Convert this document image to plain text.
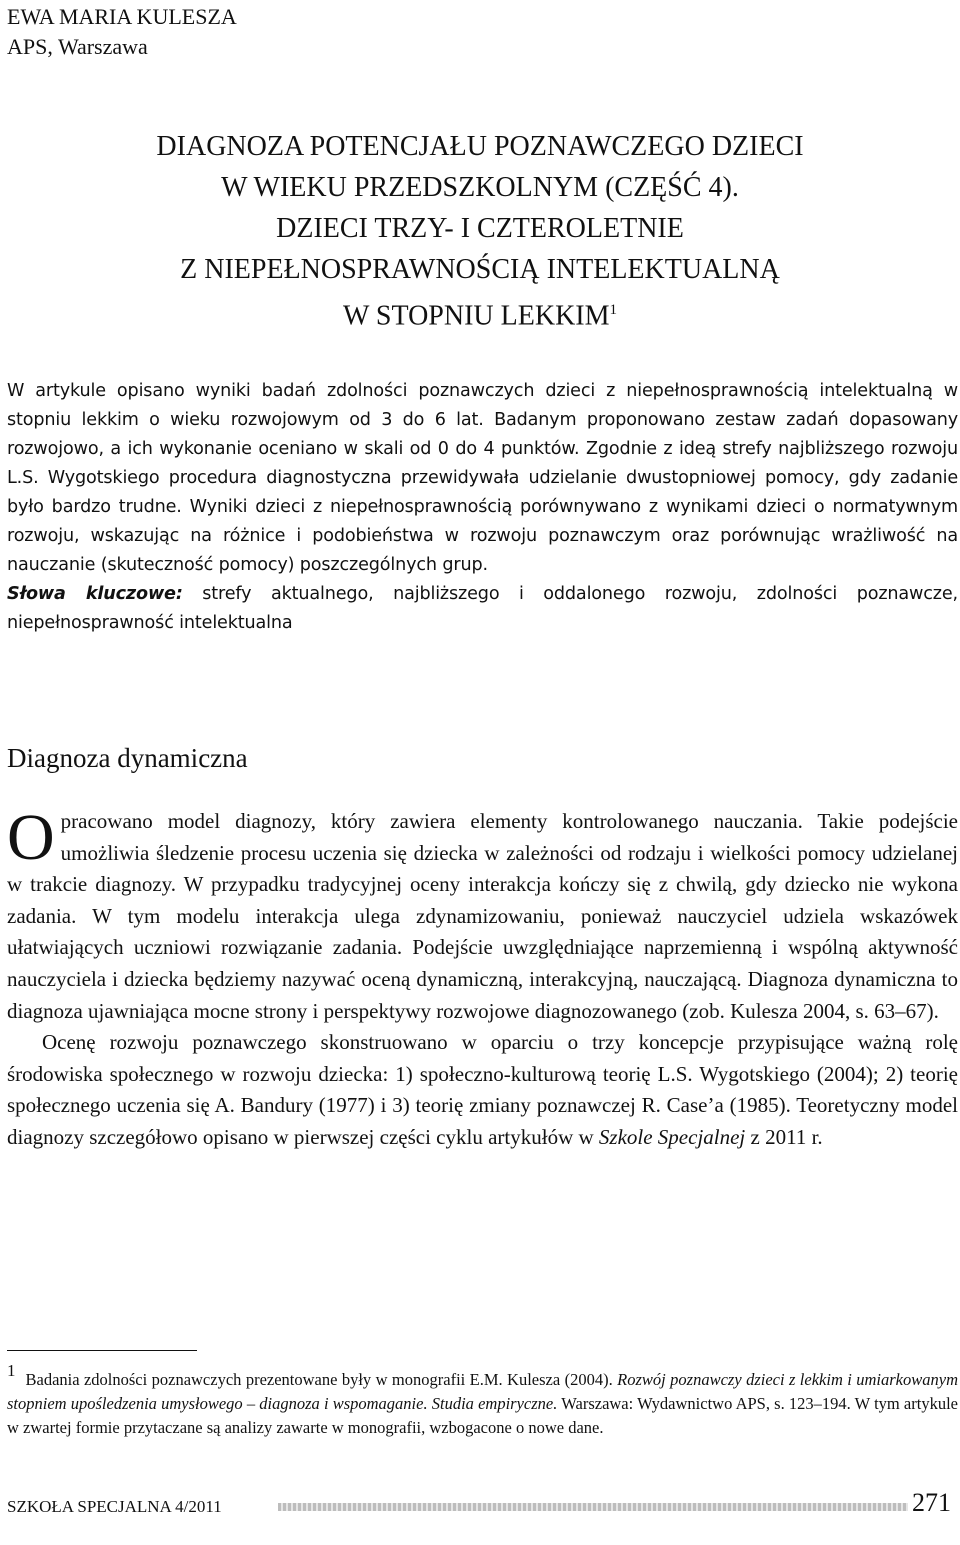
EWA MARIA KULESZA
APS, Warszawa
DIAGNOZA POTENCJAŁU POZNAWCZEGO DZIECI
W WIEKU PRZEDSZKOLNYM (CZĘŚĆ 4).
DZIECI TRZY- I CZTEROLETNIE
Z NIEPEŁNOSPRAWNOŚCIĄ INTELEKTUALNĄ
W STOPNIU LEKKIM$^1$

W artykule opisano wyniki badań zdolności poznawczych dzieci z niepełnosprawnością intelektualną w stopniu lekkim o wieku rozwojowym od 3 do 6 lat. Badanym proponowano zestaw zadań dopasowany rozwojowo, a ich wykonanie oceniano w skali od 0 do 4 punktów. Zgodnie z ideą strefy najbliższego rozwoju L.S. Wygotskiego procedura diagnostyczna przewidywała udzielanie dwustopniowej pomocy, gdy zadanie było bardzo trudne. Wyniki dzieci z niepełnosprawnością porównywano z wynikami dzieci o normatywnym rozwoju, wskazując na różnice i podobieństwa w rozwoju poznawczym oraz porównując wrażliwość na nauczanie (skuteczność pomocy) poszczególnych grup.

Słowa kluczowe: strefy aktualnego, najbliższego i oddalonego rozwoju, zdolności poznawcze, niepełnosprawność intelektualna

Diagnoza dynamiczna

Opracowano model diagnozy, który zawiera elementy kontrolowanego nauczania. Takie podejście umożliwia śledzenie procesu uczenia się dziecka w zależności od rodzaju i wielkości pomocy udzielanej w trakcie diagnozy. W przypadku tradycyjnej oceny interakcja kończy się z chwilą, gdy dziecko nie wykona zadania. W tym modelu interakcja ulega zdynamizowaniu, ponieważ nauczyciel udziela wskazówek ułatwiających uczniowi rozwiązanie zadania. Podejście uwzględniające naprzemienną i wspólną aktywność nauczyciela i dziecka będziemy nazywać oceną dynamiczną, interakcyjną, nauczającą. Diagnoza dynamiczna to diagnoza ujawniająca mocne strony i perspektywy rozwojowe diagnozowanego (zob. Kulesza 2004, s. 63–67).

Ocenę rozwoju poznawczego skonstruowano w oparciu o trzy koncepcje przypisujące ważną rolę środowiska społecznego w rozwoju dziecka: 1) społeczno-kulturową teorię L.S. Wygotskiego (2004); 2) teorię społecznego uczenia się A. Bandury (1977) i 3) teorię zmiany poznawczej R. Case’a (1985). Teoretyczny model diagnozy szczegółowo opisano w pierwszej części cyklu artykułów w Szkole Specjalnej z 2011 r.

1 Badania zdolności poznawczych prezentowane były w monografii E.M. Kulesza (2004). Rozwój poznawczy dzieci z lekkim i umiarkowanym stopniem upośledzenia umysłowego – diagnoza i wspomaganie. Studia empiryczne. Warszawa: Wydawnictwo APS, s. 123–194. W tym artykule w zwartej formie przytaczane są analizy zawarte w monografii, wzbogacone o nowe dane.

SZKOŁA SPECJALNA 4/2011	271
